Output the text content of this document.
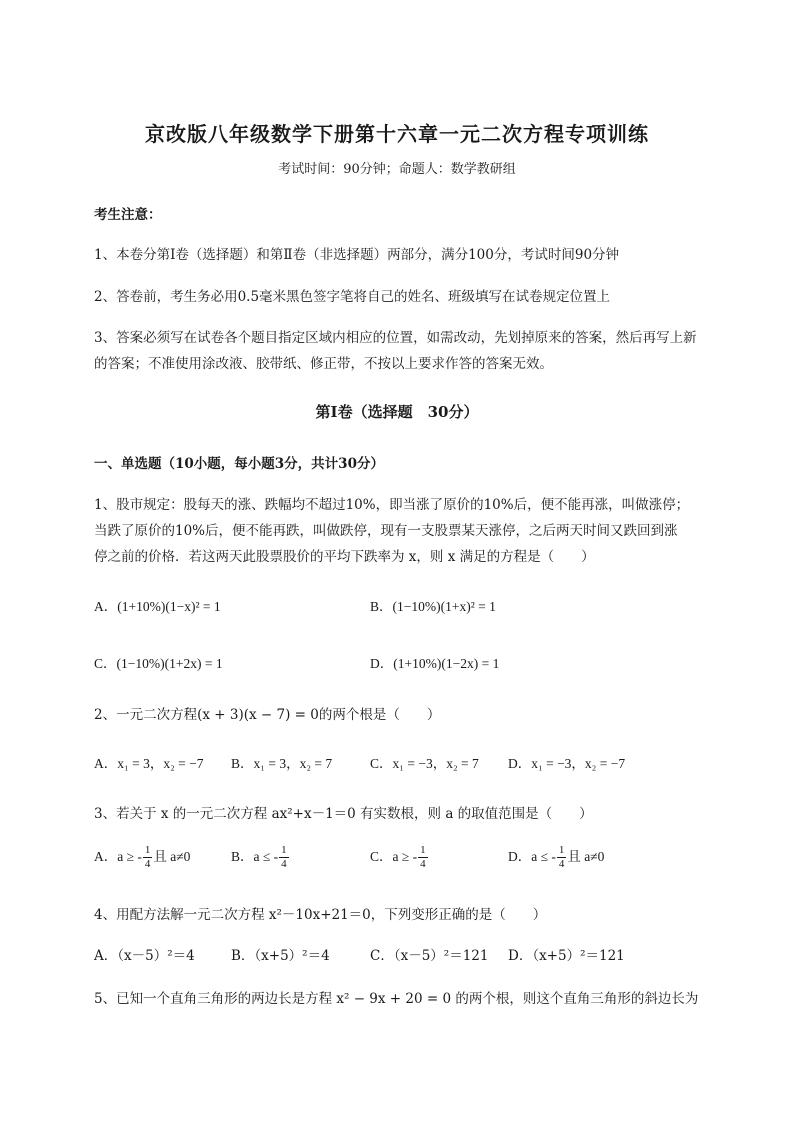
京改版八年级数学下册第十六章一元二次方程专项训练
考试时间：90分钟；命题人：数学教研组
考生注意：
1、本卷分第Ⅰ卷（选择题）和第Ⅱ卷（非选择题）两部分，满分100分，考试时间90分钟
2、答卷前，考生务必用0.5毫米黑色签字笔将自己的姓名、班级填写在试卷规定位置上
3、答案必须写在试卷各个题目指定区域内相应的位置，如需改动，先划掉原来的答案，然后再写上新
的答案；不准使用涂改液、胶带纸、修正带，不按以上要求作答的答案无效。
第Ⅰ卷（选择题　30分）
一、单选题（10小题，每小题3分，共计30分）
1、股市规定：股每天的涨、跌幅均不超过10%，即当涨了原价的10%后，便不能再涨，叫做涨停；
当跌了原价的10%后，便不能再跌，叫做跌停，现有一支股票某天涨停，之后两天时间又跌回到涨
停之前的价格．若这两天此股票股价的平均下跌率为 x，则 x 满足的方程是（　　）
A．(1+10%)(1−x)² = 1	B．(1−10%)(1+x)² = 1
C．(1−10%)(1+2x) = 1	D．(1+10%)(1−2x) = 1
2、一元二次方程(x + 3)(x − 7) = 0的两个根是（　　）
A．x₁ = 3，x₂ = −7 B．x₁ = 3，x₂ = 7	C．x₁ = −3，x₂ = 7 D．x₁ = −3，x₂ = −7
3、若关于 x 的一元二次方程 ax²+x－1＝0 有实数根，则 a 的取值范围是（　　）
A．a ≥ - $\frac{1}{4}$ 且 a≠0	B．a ≤ - $\frac{1}{4}$	C．a ≥ - $\frac{1}{4}$	D．a ≤ - $\frac{1}{4}$ 且 a≠0
4、用配方法解一元二次方程 x²－10x+21＝0，下列变形正确的是（　　）
A．（x－5）²＝4	B．（x+5）²＝4	C．（x－5）²＝121 D．（x+5）²＝121
5、已知一个直角三角形的两边长是方程 x² − 9x + 20 = 0 的两个根，则这个直角三角形的斜边长为
